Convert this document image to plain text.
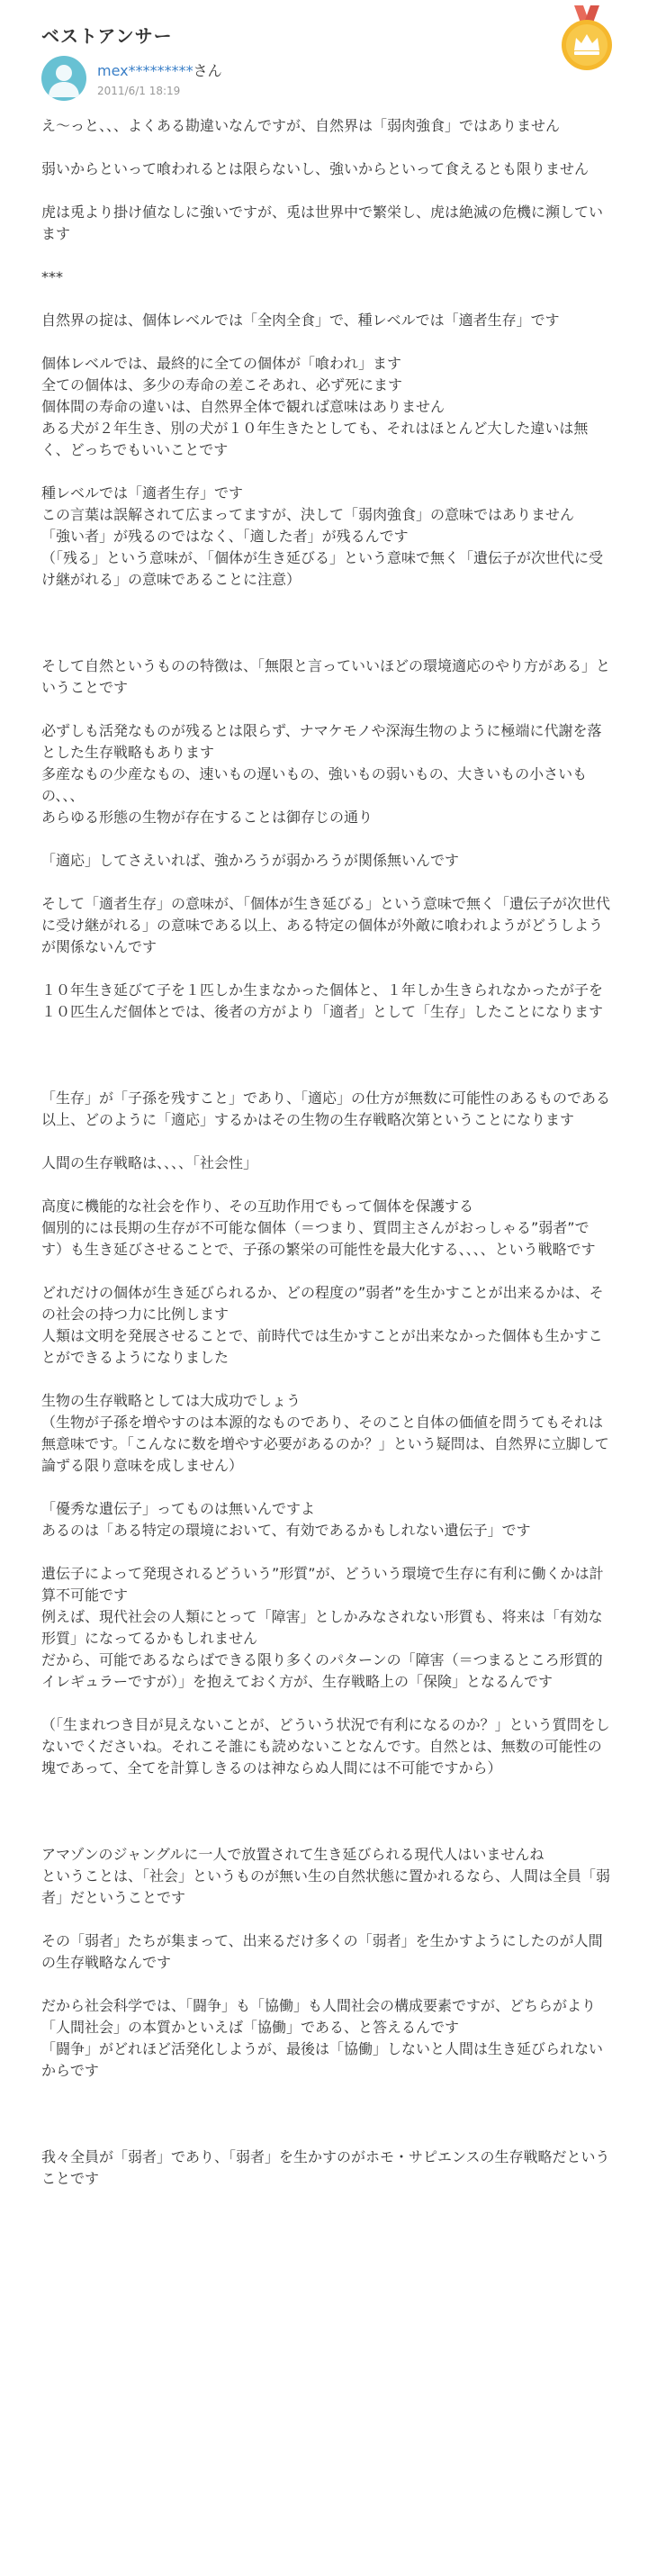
ベストアンサー
mex*********さん
2011/6/1 18:19

え〜っと、、、よくある勘違いなんですが、自然界は「弱肉強食」ではありません

弱いからといって喰われるとは限らないし、強いからといって食えるとも限りません

虎は兎より掛け値なしに強いですが、兎は世界中で繁栄し、虎は絶滅の危機に瀕しています

***

自然界の掟は、個体レベルでは「全肉全食」で、種レベルでは「適者生存」です

個体レベルでは、最終的に全ての個体が「喰われ」ます
全ての個体は、多少の寿命の差こそあれ、必ず死にます
個体間の寿命の違いは、自然界全体で観れば意味はありません
ある犬が２年生き、別の犬が１０年生きたとしても、それはほとんど大した違いは無く、どっちでもいいことです

種レベルでは「適者生存」です
この言葉は誤解されて広まってますが、決して「弱肉強食」の意味ではありません
「強い者」が残るのではなく、「適した者」が残るんです
（「残る」という意味が、「個体が生き延びる」という意味で無く「遺伝子が次世代に受け継がれる」の意味であることに注意）

そして自然というものの特徴は、「無限と言っていいほどの環境適応のやり方がある」ということです

必ずしも活発なものが残るとは限らず、ナマケモノや深海生物のように極端に代謝を落とした生存戦略もあります
多産なもの少産なもの、速いもの遅いもの、強いもの弱いもの、大きいもの小さいもの、、、
あらゆる形態の生物が存在することは御存じの通り

「適応」してさえいれば、強かろうが弱かろうが関係無いんです

そして「適者生存」の意味が、「個体が生き延びる」という意味で無く「遺伝子が次世代に受け継がれる」の意味である以上、ある特定の個体が外敵に喰われようがどうしようが関係ないんです

１０年生き延びて子を１匹しか生まなかった個体と、１年しか生きられなかったが子を１０匹生んだ個体とでは、後者の方がより「適者」として「生存」したことになります

「生存」が「子孫を残すこと」であり、「適応」の仕方が無数に可能性のあるものである以上、どのように「適応」するかはその生物の生存戦略次第ということになります

人間の生存戦略は、、、、「社会性」

高度に機能的な社会を作り、その互助作用でもって個体を保護する
個別的には長期の生存が不可能な個体（＝つまり、質問主さんがおっしゃる”弱者”です）も生き延びさせることで、子孫の繁栄の可能性を最大化する、、、、という戦略です

どれだけの個体が生き延びられるか、どの程度の”弱者”を生かすことが出来るかは、その社会の持つ力に比例します
人類は文明を発展させることで、前時代では生かすことが出来なかった個体も生かすことができるようになりました

生物の生存戦略としては大成功でしょう
（生物が子孫を増やすのは本源的なものであり、そのこと自体の価値を問うてもそれは無意味です。「こんなに数を増やす必要があるのか？」という疑問は、自然界に立脚して論ずる限り意味を成しません）

「優秀な遺伝子」ってものは無いんですよ
あるのは「ある特定の環境において、有効であるかもしれない遺伝子」です

遺伝子によって発現されるどういう”形質”が、どういう環境で生存に有利に働くかは計算不可能です
例えば、現代社会の人類にとって「障害」としかみなされない形質も、将来は「有効な形質」になってるかもしれません
だから、可能であるならばできる限り多くのパターンの「障害（＝つまるところ形質的イレギュラーですが）」を抱えておく方が、生存戦略上の「保険」となるんです

（「生まれつき目が見えないことが、どういう状況で有利になるのか？」という質問をしないでくださいね。それこそ誰にも読めないことなんです。自然とは、無数の可能性の塊であって、全てを計算しきるのは神ならぬ人間には不可能ですから）

アマゾンのジャングルに一人で放置されて生き延びられる現代人はいませんね
ということは、「社会」というものが無い生の自然状態に置かれるなら、人間は全員「弱者」だということです

その「弱者」たちが集まって、出来るだけ多くの「弱者」を生かすようにしたのが人間の生存戦略なんです

だから社会科学では、「闘争」も「協働」も人間社会の構成要素ですが、どちらがより「人間社会」の本質かといえば「協働」である、と答えるんです
「闘争」がどれほど活発化しようが、最後は「協働」しないと人間は生き延びられないからです

我々全員が「弱者」であり、「弱者」を生かすのがホモ・サピエンスの生存戦略だということです
